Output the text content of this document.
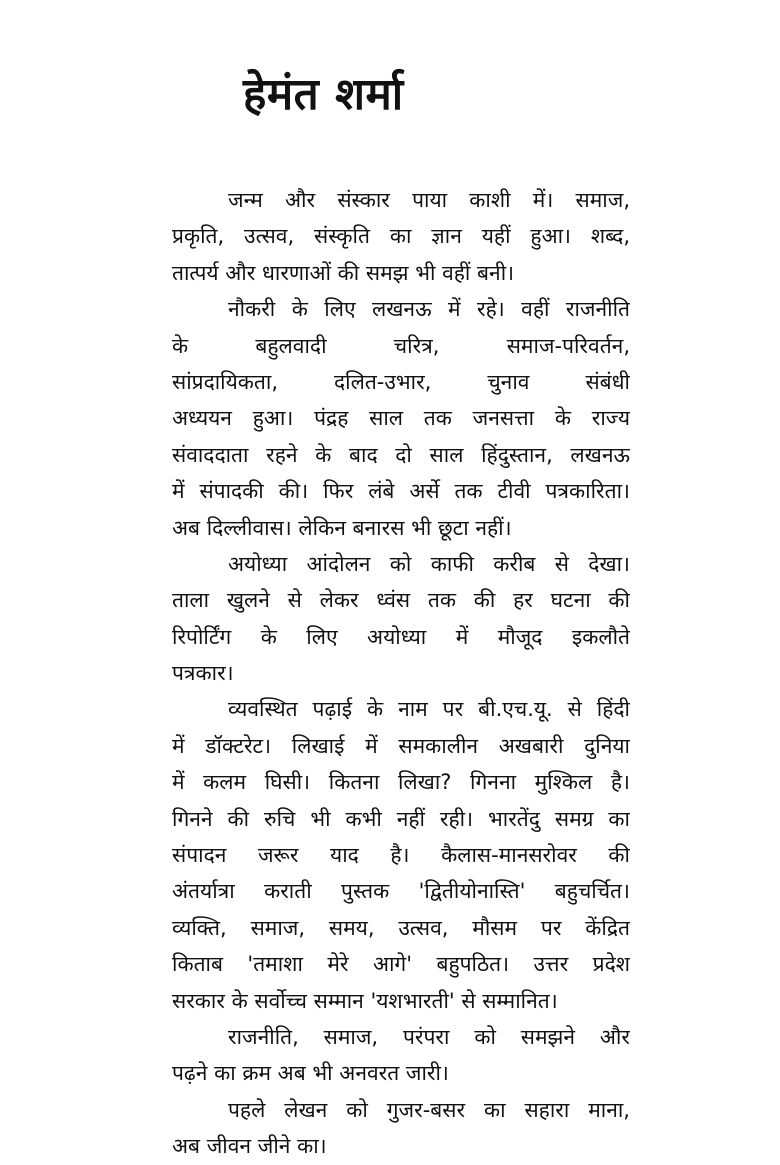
हेमंत शर्मा
जन्म और संस्कार पाया काशी में। समाज,
प्रकृति, उत्सव, संस्कृति का ज्ञान यहीं हुआ। शब्द,
तात्पर्य और धारणाओं की समझ भी वहीं बनी।
नौकरी के लिए लखनऊ में रहे। वहीं राजनीति
के बहुलवादी चरित्र, समाज-परिवर्तन,
सांप्रदायिकता, दलित-उभार, चुनाव संबंधी
अध्ययन हुआ। पंद्रह साल तक जनसत्ता के राज्य
संवाददाता रहने के बाद दो साल हिंदुस्तान, लखनऊ
में संपादकी की। फिर लंबे अर्से तक टीवी पत्रकारिता।
अब दिल्लीवास। लेकिन बनारस भी छूटा नहीं।
अयोध्या आंदोलन को काफी करीब से देखा।
ताला खुलने से लेकर ध्वंस तक की हर घटना की
रिपोर्टिंग के लिए अयोध्या में मौजूद इकलौते
पत्रकार।
व्यवस्थित पढ़ाई के नाम पर बी.एच.यू. से हिंदी
में डॉक्टरेट। लिखाई में समकालीन अखबारी दुनिया
में कलम घिसी। कितना लिखा? गिनना मुश्किल है।
गिनने की रुचि भी कभी नहीं रही। भारतेंदु समग्र का
संपादन जरूर याद है। कैलास-मानसरोवर की
अंतर्यात्रा कराती पुस्तक 'द्वितीयोनास्ति' बहुचर्चित।
व्यक्ति, समाज, समय, उत्सव, मौसम पर केंद्रित
किताब 'तमाशा मेरे आगे' बहुपठित। उत्तर प्रदेश
सरकार के सर्वोच्च सम्मान 'यशभारती' से सम्मानित।
राजनीति, समाज, परंपरा को समझने और
पढ़ने का क्रम अब भी अनवरत जारी।
पहले लेखन को गुजर-बसर का सहारा माना,
अब जीवन जीने का।
